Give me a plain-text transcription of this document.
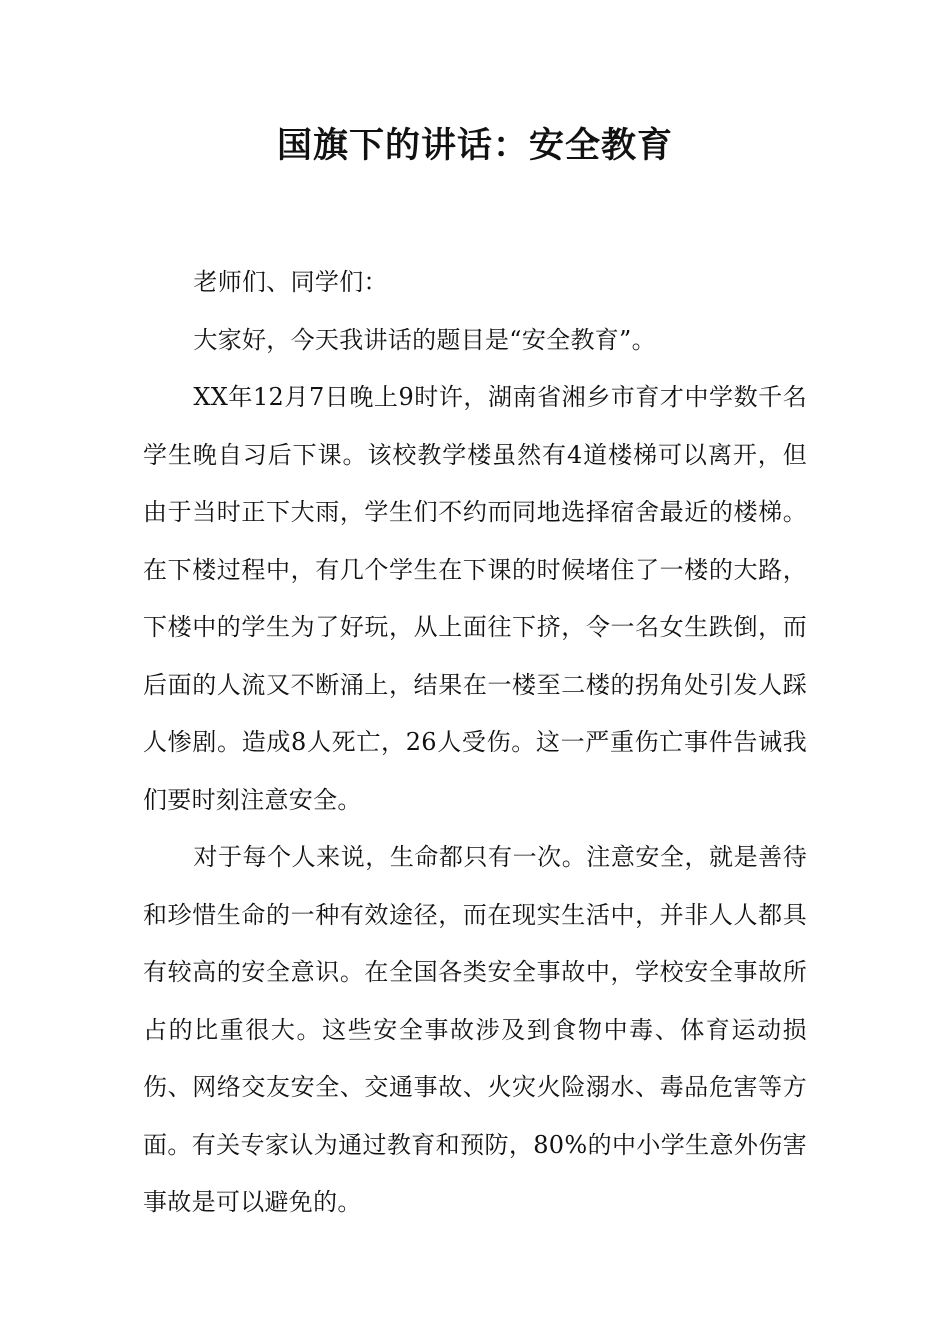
国旗下的讲话：安全教育

老师们、同学们：

大家好，今天我讲话的题目是“安全教育”。

XX年12月7日晚上9时许，湖南省湘乡市育才中学数千名学生晚自习后下课。该校教学楼虽然有4道楼梯可以离开，但由于当时正下大雨，学生们不约而同地选择宿舍最近的楼梯。在下楼过程中，有几个学生在下课的时候堵住了一楼的大路，下楼中的学生为了好玩，从上面往下挤，令一名女生跌倒，而后面的人流又不断涌上，结果在一楼至二楼的拐角处引发人踩人惨剧。造成8人死亡，26人受伤。这一严重伤亡事件告诫我们要时刻注意安全。

对于每个人来说，生命都只有一次。注意安全，就是善待和珍惜生命的一种有效途径，而在现实生活中，并非人人都具有较高的安全意识。在全国各类安全事故中，学校安全事故所占的比重很大。这些安全事故涉及到食物中毒、体育运动损伤、网络交友安全、交通事故、火灾火险溺水、毒品危害等方面。有关专家认为通过教育和预防，80%的中小学生意外伤害事故是可以避免的。
